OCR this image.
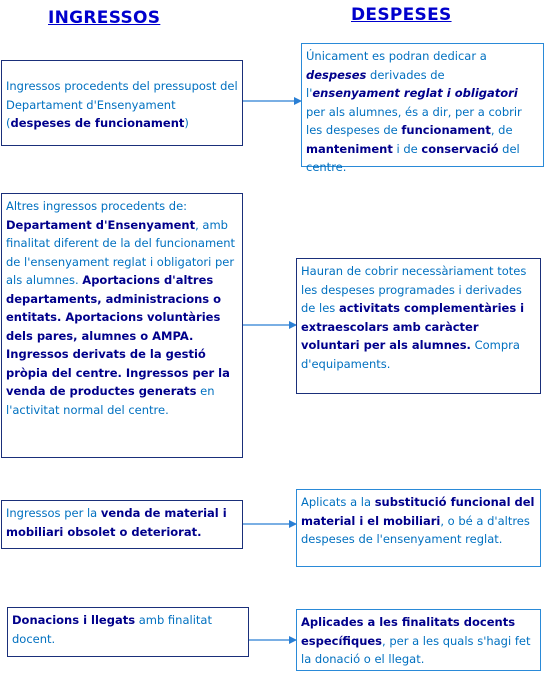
INGRESSOS	DESPESES
Ingressos procedents del pressupost del Departament d'Ensenyament (despeses de funcionament)
Únicament es podran dedicar a despeses derivades de l'ensenyament reglat i obligatori per als alumnes, és a dir, per a cobrir les despeses de funcionament, de manteniment i de conservació del centre.
Altres ingressos procedents de: Departament d'Ensenyament, amb finalitat diferent de la del funcionament de l'ensenyament reglat i obligatori per als alumnes. Aportacions d'altres departaments, administracions o entitats. Aportacions voluntàries dels pares, alumnes o AMPA. Ingressos derivats de la gestió pròpia del centre. Ingressos per la venda de productes generats en l'activitat normal del centre.
Hauran de cobrir necessàriament totes les despeses programades i derivades de les activitats complementàries i extraescolars amb caràcter voluntari per als alumnes. Compra d'equipaments.
Ingressos per la venda de material i mobiliari obsolet o deteriorat.
Aplicats a la substitució funcional del material i el mobiliari, o bé a d'altres despeses de l'ensenyament reglat.
Donacions i llegats amb finalitat docent.
Aplicades a les finalitats docents específiques, per a les quals s'hagi fet la donació o el llegat.
